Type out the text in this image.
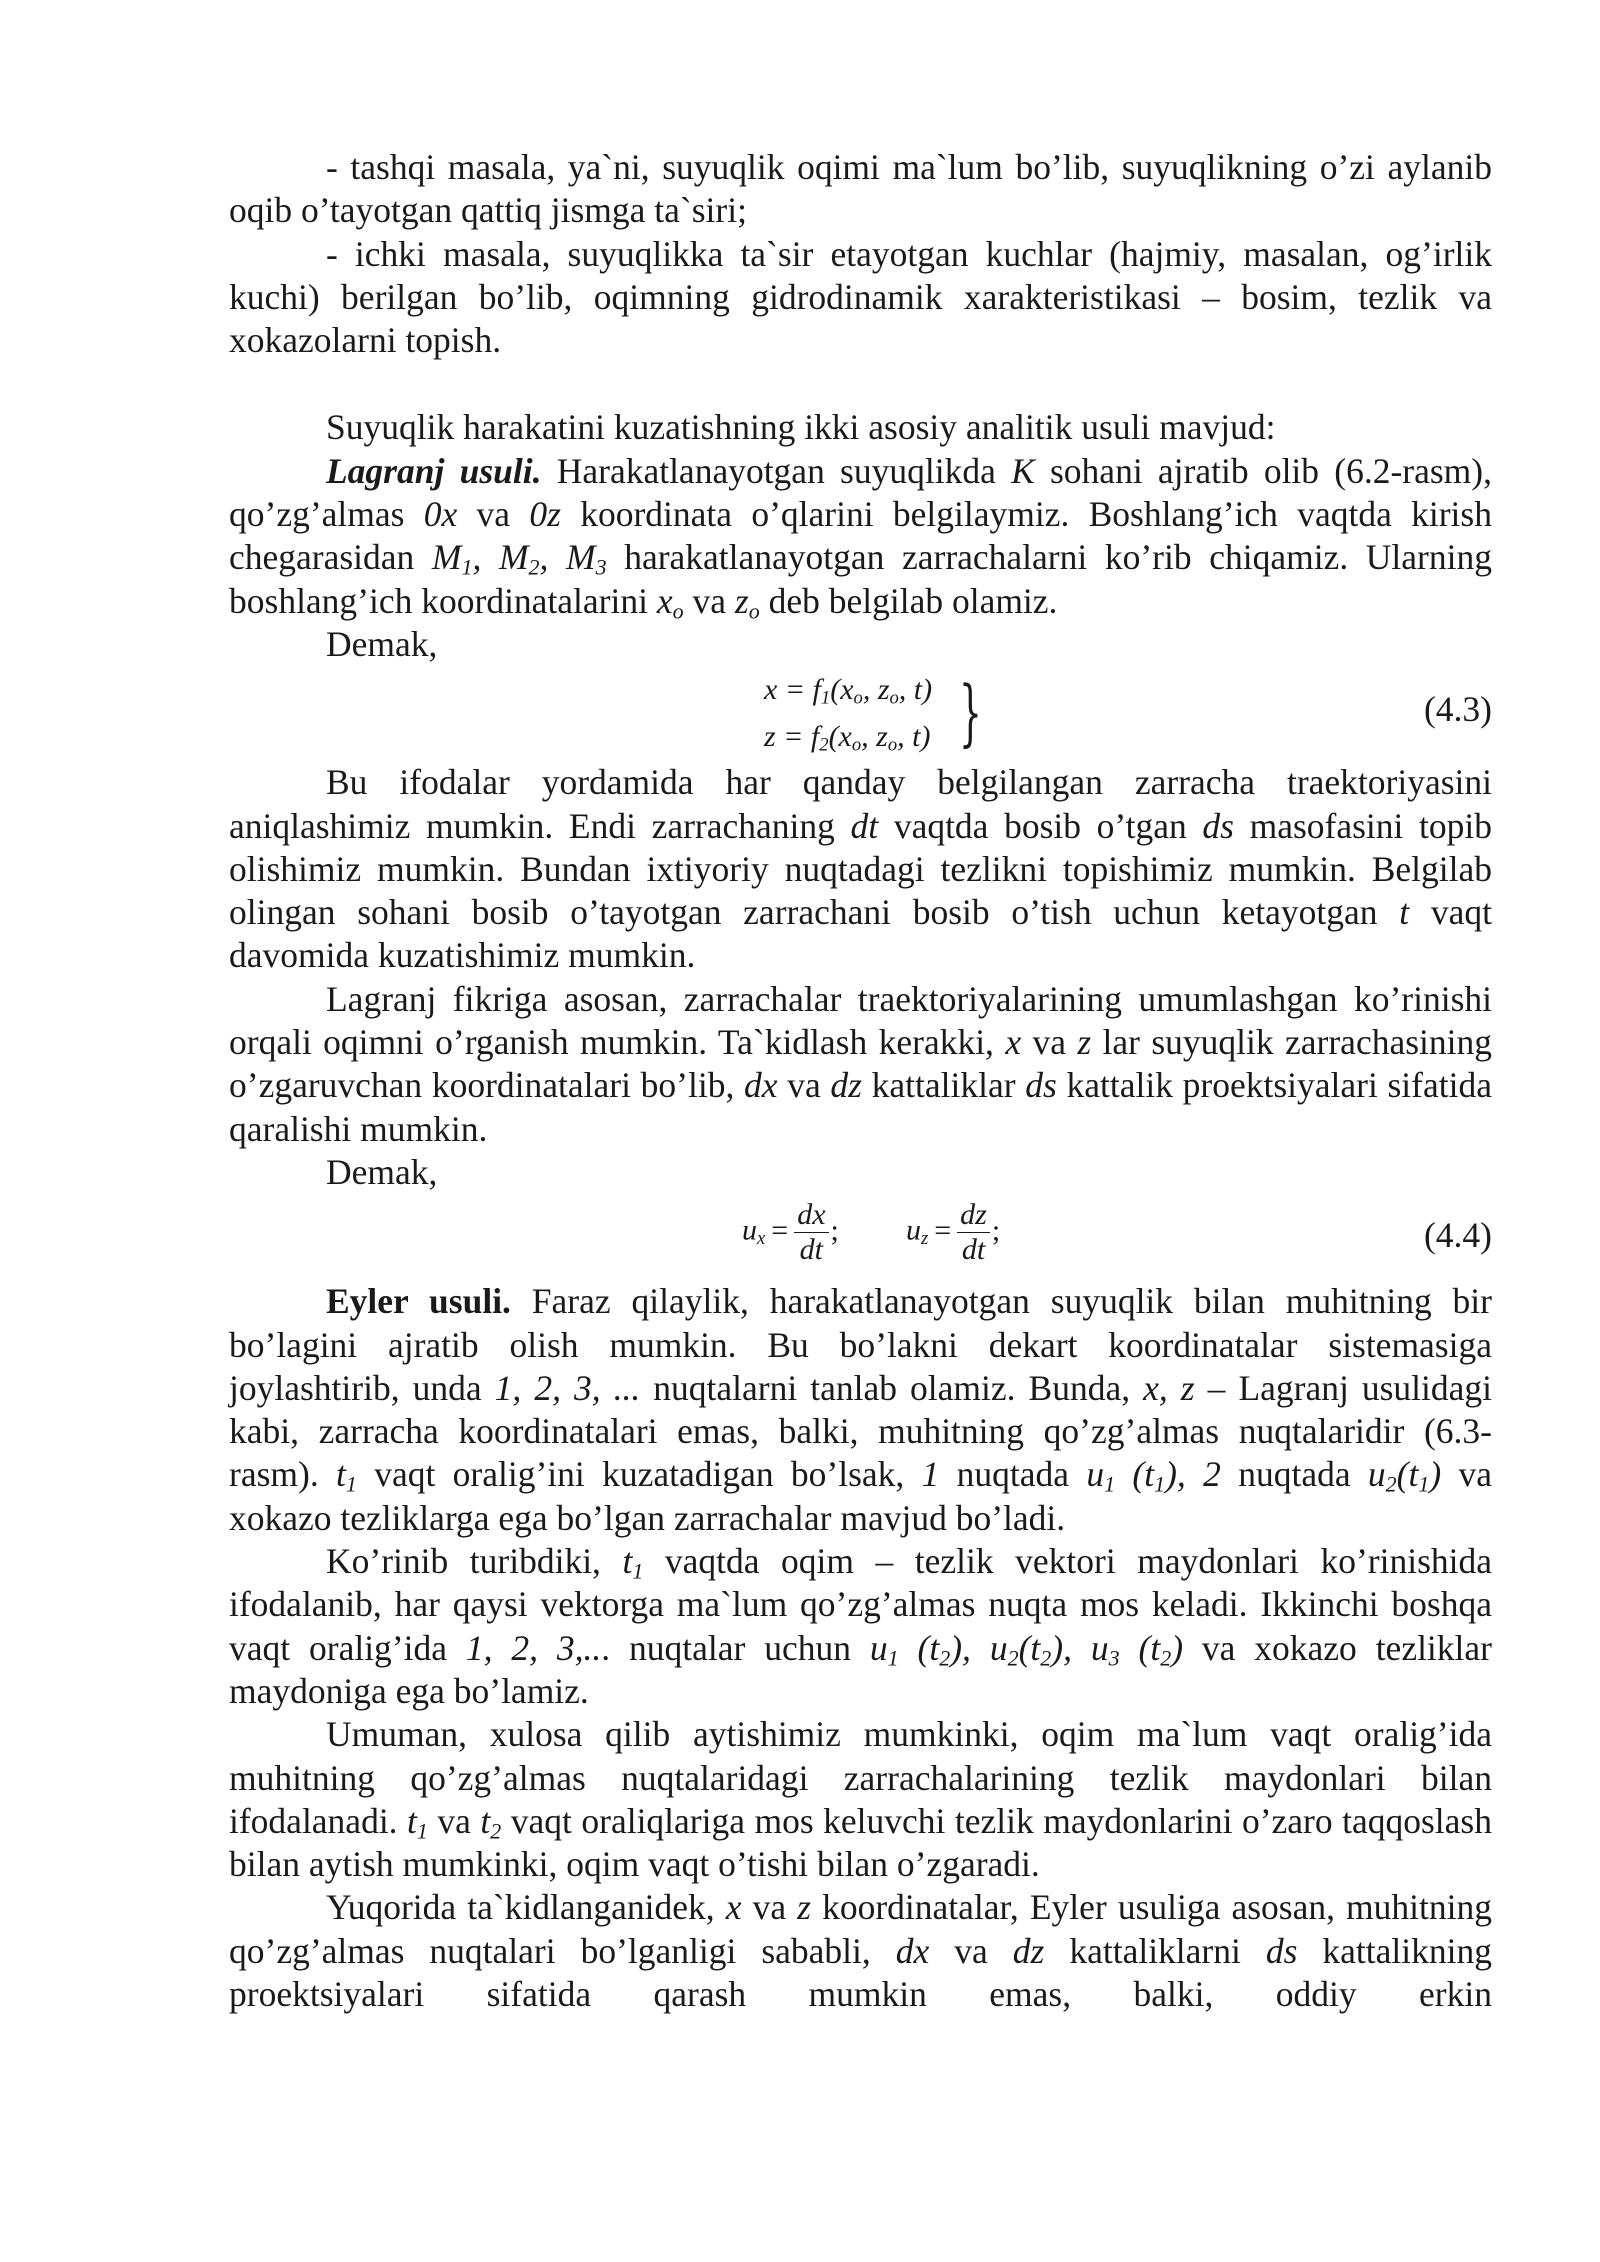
- tashqi masala, ya`ni, suyuqlik oqimi ma`lum bo’lib, suyuqlikning o’zi aylanib oqib o’tayotgan qattiq jismga ta`siri;

- ichki masala, suyuqlikka ta`sir etayotgan kuchlar (hajmiy, masalan, og’irlik kuchi) berilgan bo’lib, oqimning gidrodinamik xarakteristikasi – bosim, tezlik va xokazolarni topish.

Suyuqlik harakatini kuzatishning ikki asosiy analitik usuli mavjud:

Lagranj usuli. Harakatlanayotgan suyuqlikda K sohani ajratib olib (6.2-rasm), qo’zg’almas 0x va 0z koordinata o’qlarini belgilaymiz. Boshlang’ich vaqtda kirish chegarasidan $M_1$, $M_2$, $M_3$ harakatlanayotgan zarrachalarni ko’rib chiqamiz. Ularning boshlang’ich koordinatalarini $x_o$ va $z_o$ deb belgilab olamiz.

Demak,

$x = f_1(x_o$, $z_o$, t)
$z = f_2(x_o$, $z_o$, t) }	(4.3)

Bu ifodalar yordamida har qanday belgilangan zarracha traektoriyasini aniqlashimiz mumkin. Endi zarrachaning dt vaqtda bosib o’tgan ds masofasini topib olishimiz mumkin. Bundan ixtiyoriy nuqtadagi tezlikni topishimiz mumkin. Belgilab olingan sohani bosib o’tayotgan zarrachani bosib o’tish uchun ketayotgan t vaqt davomida kuzatishimiz mumkin.

Lagranj fikriga asosan, zarrachalar traektoriyalarining umumlashgan ko’rinishi orqali oqimni o’rganish mumkin. Ta`kidlash kerakki, x va z lar suyuqlik zarrachasining o’zgaruvchan koordinatalari bo’lib, dx va dz kattaliklar ds kattalik proektsiyalari sifatida qaralishi mumkin.

Demak,

$u_x = \frac{dx}{dt}$ ; $u_z = \frac{dz}{dt}$ ;	(4.4)

Eyler usuli. Faraz qilaylik, harakatlanayotgan suyuqlik bilan muhitning bir bo’lagini ajratib olish mumkin. Bu bo’lakni dekart koordinatalar sistemasiga joylashtirib, unda 1, 2, 3, ... nuqtalarni tanlab olamiz. Bunda, x, z – Lagranj usulidagi kabi, zarracha koordinatalari emas, balki, muhitning qo’zg’almas nuqtalaridir (6.3-rasm). $t_1$ vaqt oralig’ini kuzatadigan bo’lsak, 1 nuqtada $u_1$ $(t_1)$, 2 nuqtada $u_2(t_1)$ va xokazo tezliklarga ega bo’lgan zarrachalar mavjud bo’ladi.

Ko’rinib turibdiki, $t_1$ vaqtda oqim – tezlik vektori maydonlari ko’rinishida ifodalanib, har qaysi vektorga ma`lum qo’zg’almas nuqta mos keladi. Ikkinchi boshqa vaqt oralig’ida 1, 2, 3,... nuqtalar uchun $u_1$ $(t_2)$, $u_2(t_2)$, $u_3$ $(t_2)$ va xokazo tezliklar maydoniga ega bo’lamiz.

Umuman, xulosa qilib aytishimiz mumkinki, oqim ma`lum vaqt oralig’ida muhitning qo’zg’almas nuqtalaridagi zarrachalarining tezlik maydonlari bilan ifodalanadi. $t_1$ va $t_2$ vaqt oraliqlariga mos keluvchi tezlik maydonlarini o’zaro taqqoslash bilan aytish mumkinki, oqim vaqt o’tishi bilan o’zgaradi.

Yuqorida ta`kidlanganidek, x va z koordinatalar, Eyler usuliga asosan, muhitning qo’zg’almas nuqtalari bo’lganligi sababli, dx va dz kattaliklarni ds kattalikning proektsiyalari sifatida qarash mumkin emas, balki, oddiy erkin
